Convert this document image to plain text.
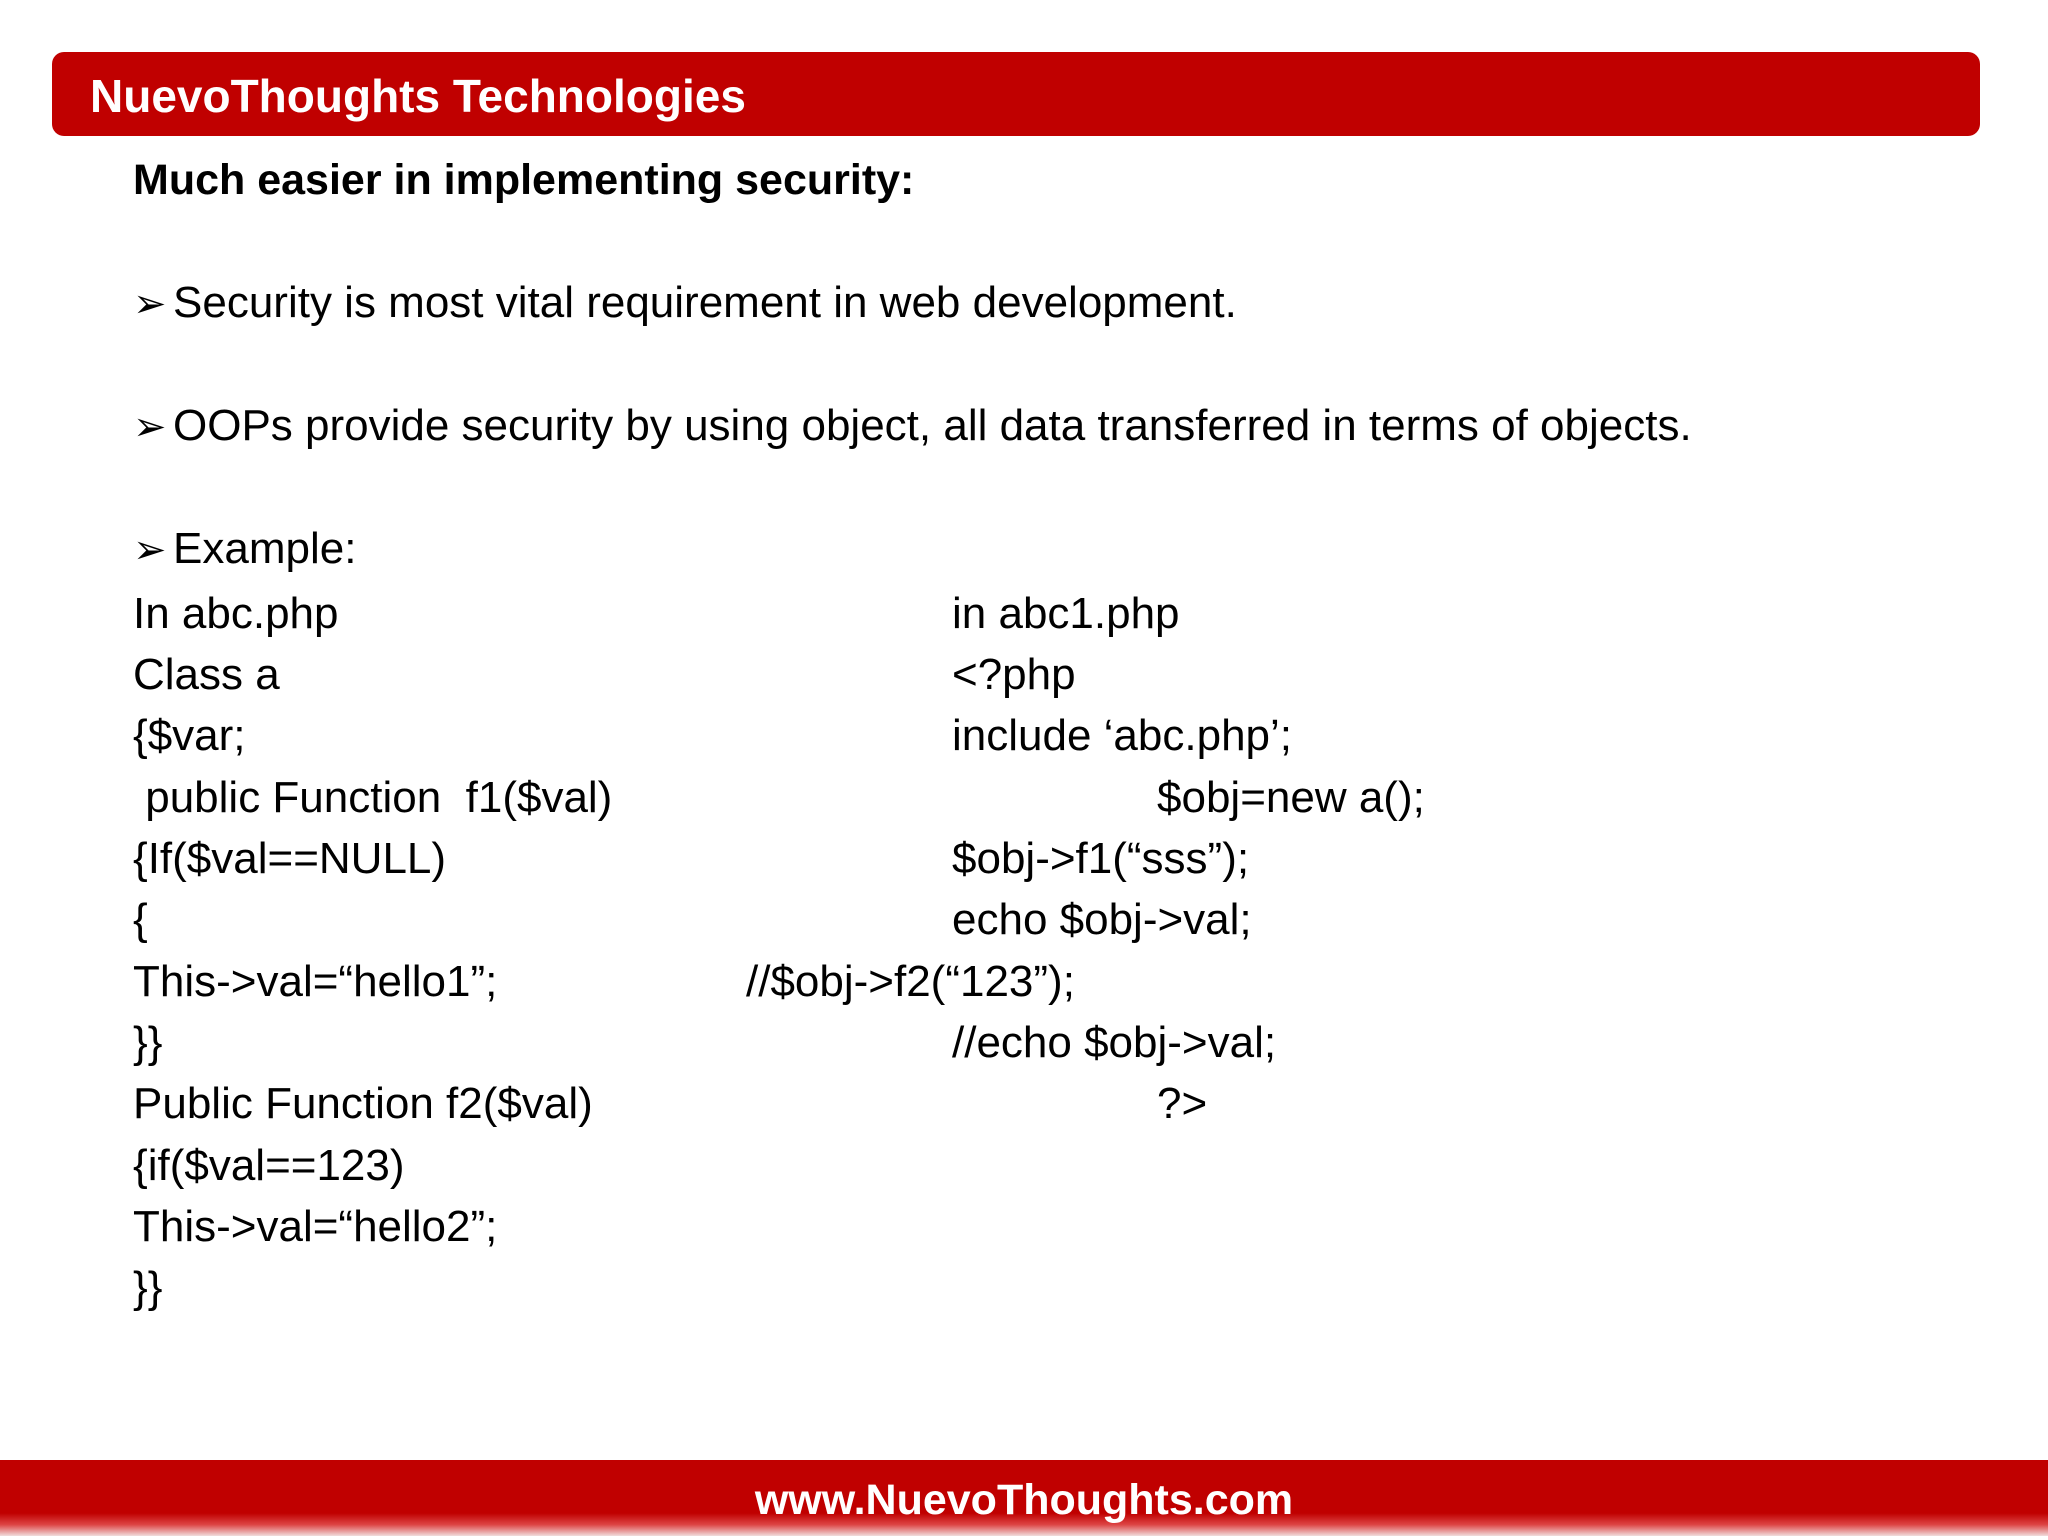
NuevoThoughts Technologies
Much easier in implementing security:
➢ Security is most vital requirement in web development.
➢ OOPs provide security by using object, all data transferred in terms of objects.
➢ Example:
In abc.php
Class a
{$var;
public Function  f1($val)
{If($val==NULL)
{
This->val=“hello1”;
}}
Public Function f2($val)
{if($val==123)
This->val=“hello2”;
}}
in abc1.php
<?php
include ‘abc.php’;
$obj=new a();
$obj->f1(“sss”);
echo $obj->val;
//$obj->f2(“123”);
//echo $obj->val;
?>
www.NuevoThoughts.com
